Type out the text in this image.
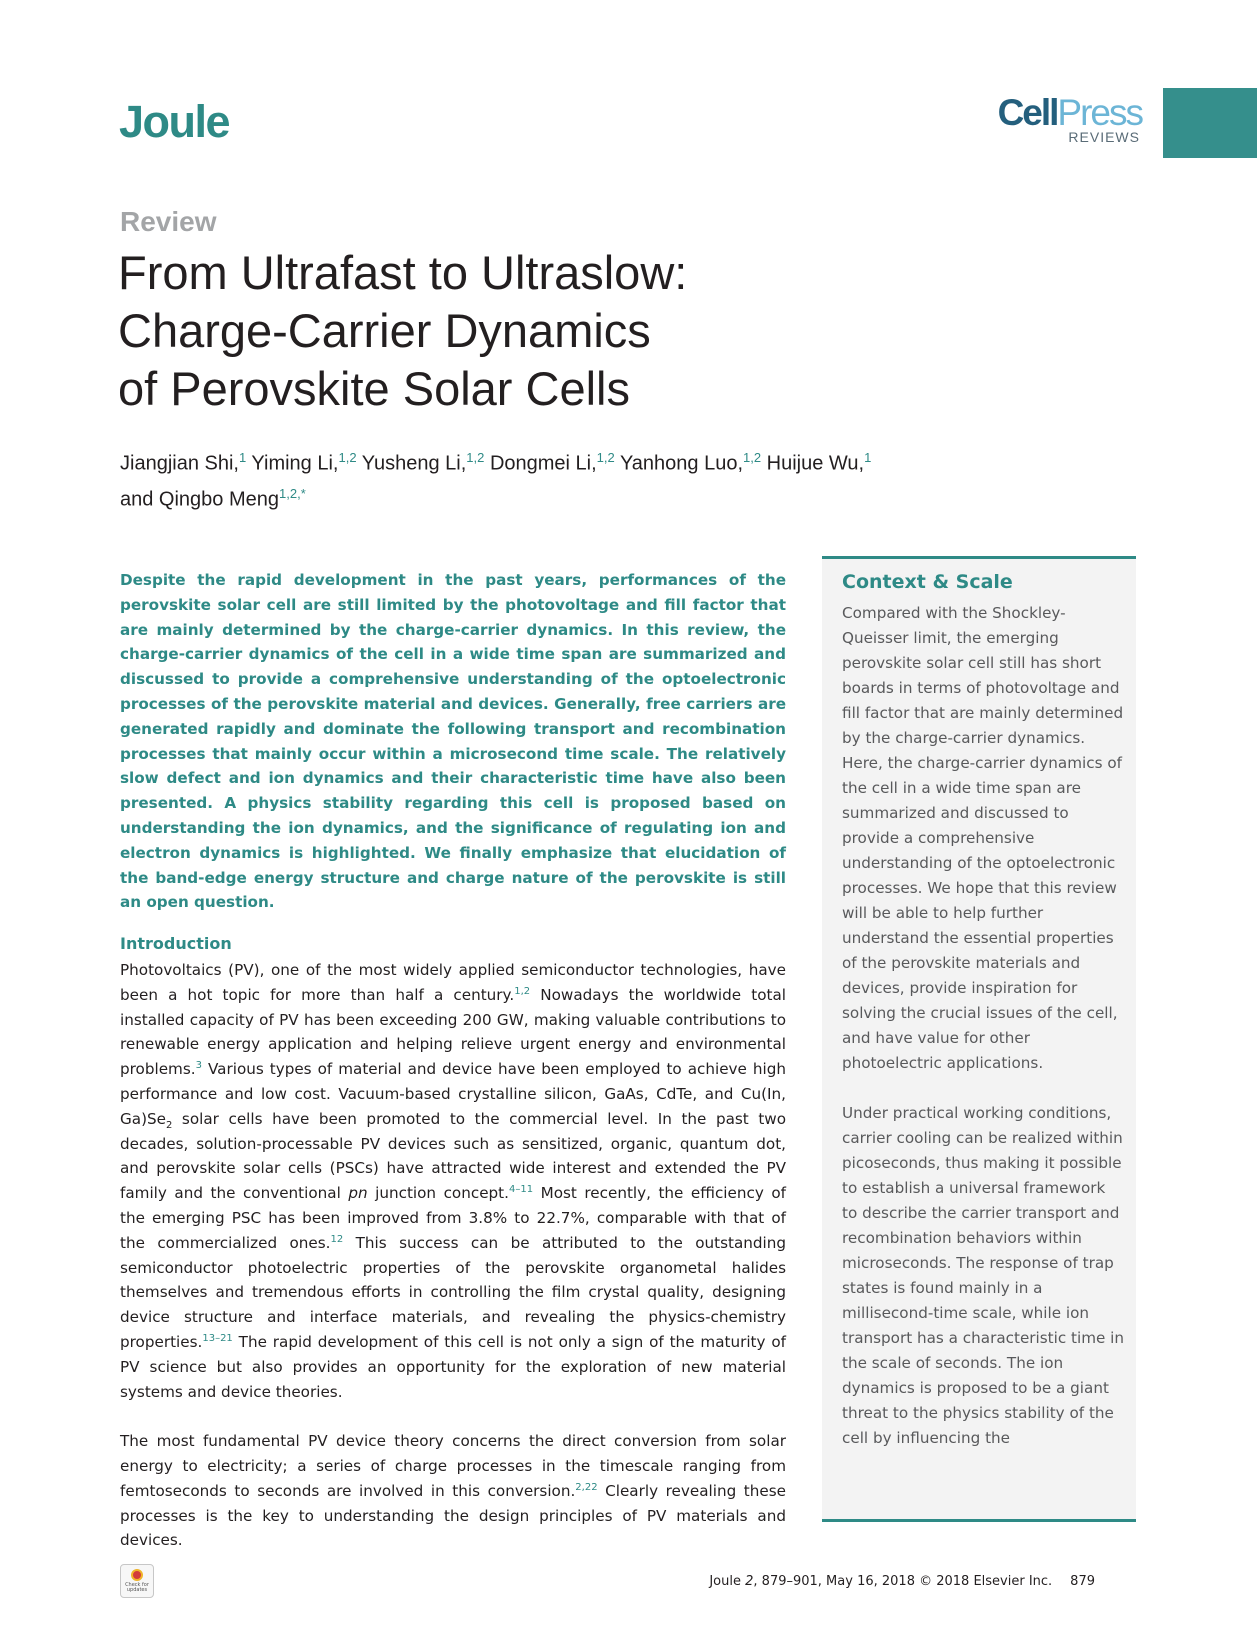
Joule	CellPress
REVIEWS
Review
From Ultrafast to Ultraslow:
Charge-Carrier Dynamics
of Perovskite Solar Cells
Jiangjian Shi,$^1$ Yiming Li,$^{1,2}$ Yusheng Li,$^{1,2}$ Dongmei Li,$^{1,2}$ Yanhong Luo,$^{1,2}$ Huijue Wu,$^1$
and Qingbo Meng$^{1,2,*}$

Despite the rapid development in the past years, performances of the perovskite solar cell are still limited by the photovoltage and fill factor that are mainly determined by the charge-carrier dynamics. In this review, the charge-carrier dynamics of the cell in a wide time span are summarized and discussed to provide a comprehensive understanding of the optoelectronic processes of the perovskite material and devices. Generally, free carriers are generated rapidly and dominate the following transport and recombination processes that mainly occur within a microsecond time scale. The relatively slow defect and ion dynamics and their characteristic time have also been presented. A physics stability regarding this cell is proposed based on understanding the ion dynamics, and the significance of regulating ion and electron dynamics is highlighted. We finally emphasize that elucidation of the band-edge energy structure and charge nature of the perovskite is still an open question.

Introduction

Photovoltaics (PV), one of the most widely applied semiconductor technologies, have been a hot topic for more than half a century.$^{1,2}$ Nowadays the worldwide total installed capacity of PV has been exceeding 200 GW, making valuable contributions to renewable energy application and helping relieve urgent energy and environmental problems.$^3$ Various types of material and device have been employed to achieve high performance and low cost. Vacuum-based crystalline silicon, GaAs, CdTe, and Cu(In, $Ga)Se_2$ solar cells have been promoted to the commercial level. In the past two decades, solution-processable PV devices such as sensitized, organic, quantum dot, and perovskite solar cells (PSCs) have attracted wide interest and extended the PV family and the conventional pn junction concept.$^{4-11}$ Most recently, the efficiency of the emerging PSC has been improved from 3.8% to 22.7%, comparable with that of the commercialized ones.$^{12}$ This success can be attributed to the outstanding semiconductor photoelectric properties of the perovskite organometal halides themselves and tremendous efforts in controlling the film crystal quality, designing device structure and interface materials, and revealing the physics-chemistry properties.$^{13-21}$ The rapid development of this cell is not only a sign of the maturity of PV science but also provides an opportunity for the exploration of new material systems and device theories.

The most fundamental PV device theory concerns the direct conversion from solar energy to electricity; a series of charge processes in the timescale ranging from femtoseconds to seconds are involved in this conversion.$^{2,22}$ Clearly revealing these processes is the key to understanding the design principles of PV materials and devices.

Context & Scale

Compared with the Shockley-Queisser limit, the emerging perovskite solar cell still has short boards in terms of photovoltage and fill factor that are mainly determined by the charge-carrier dynamics. Here, the charge-carrier dynamics of the cell in a wide time span are summarized and discussed to provide a comprehensive understanding of the optoelectronic processes. We hope that this review will be able to help further understand the essential properties of the perovskite materials and devices, provide inspiration for solving the crucial issues of the cell, and have value for other photoelectric applications.

Under practical working conditions, carrier cooling can be realized within picoseconds, thus making it possible to establish a universal framework to describe the carrier transport and recombination behaviors within microseconds. The response of trap states is found mainly in a millisecond-time scale, while ion transport has a characteristic time in the scale of seconds. The ion dynamics is proposed to be a giant threat to the physics stability of the cell by influencing the

Check for updates
Joule 2, 879–901, May 16, 2018 © 2018 Elsevier Inc. 879
